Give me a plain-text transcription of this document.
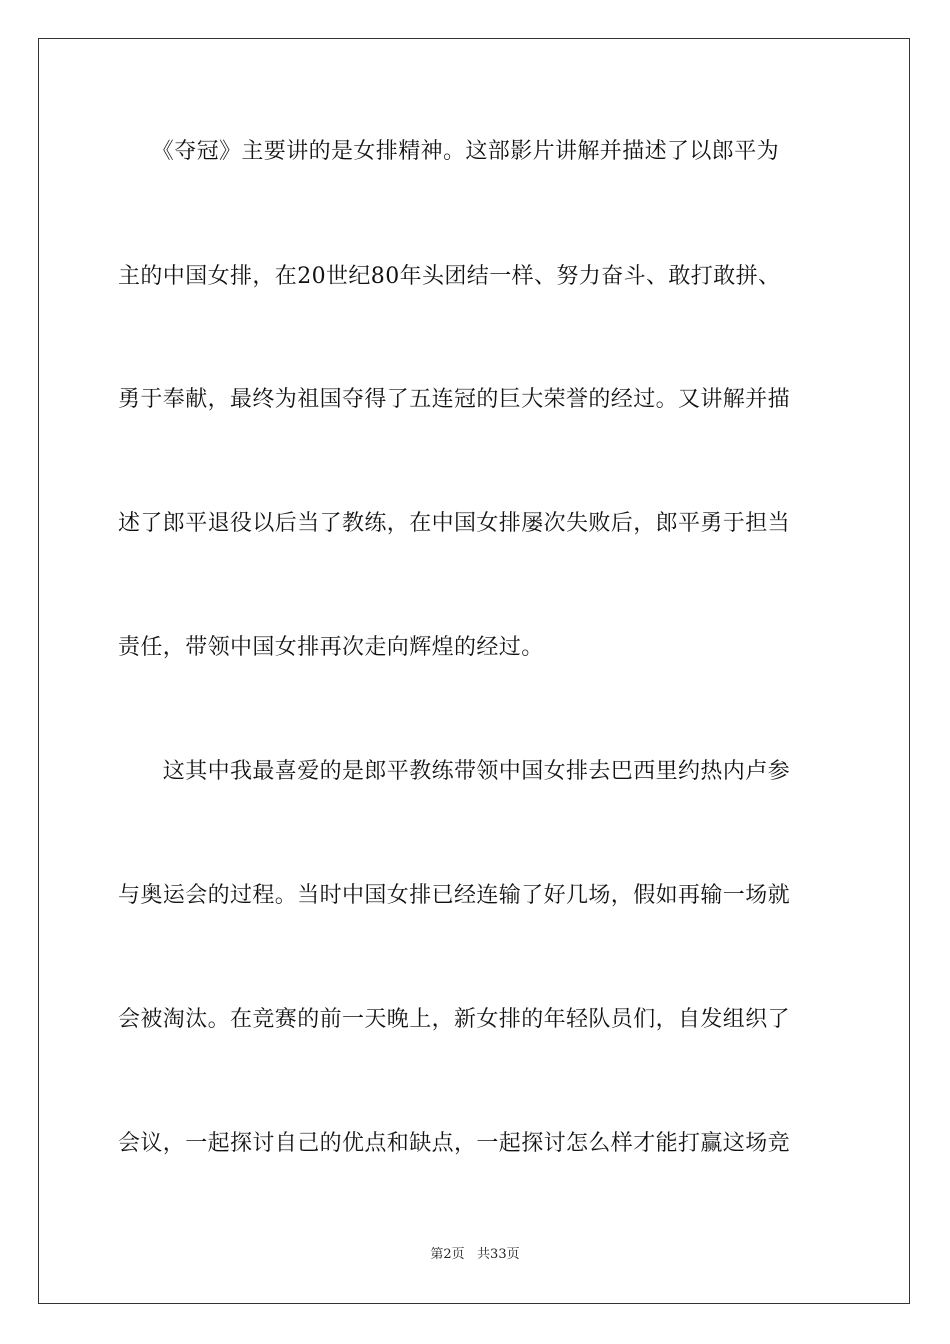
　　《夺冠》主要讲的是女排精神。这部影片讲解并描述了以郎平为
主的中国女排，在20世纪80年头团结一样、努力奋斗、敢打敢拼、
勇于奉献，最终为祖国夺得了五连冠的巨大荣誉的经过。又讲解并描
述了郎平退役以后当了教练，在中国女排屡次失败后，郎平勇于担当
责任，带领中国女排再次走向辉煌的经过。
　　这其中我最喜爱的是郎平教练带领中国女排去巴西里约热内卢参
与奥运会的过程。当时中国女排已经连输了好几场，假如再输一场就
会被淘汰。在竞赛的前一天晚上，新女排的年轻队员们，自发组织了
会议，一起探讨自己的优点和缺点，一起探讨怎么样才能打赢这场竞
第2页   共33页
